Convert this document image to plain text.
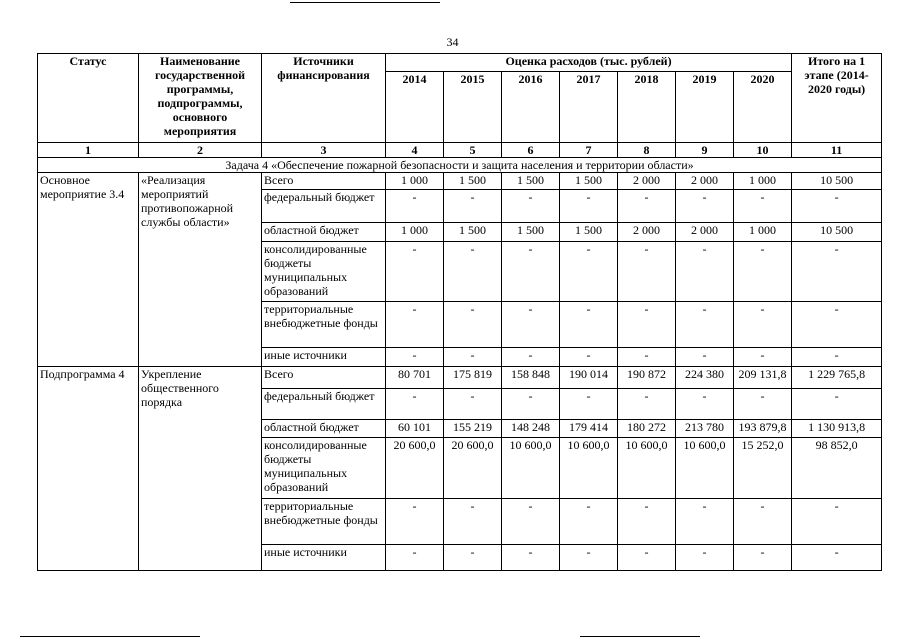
34
Статус	Наименование государственной программы, подпрограммы, основного мероприятия	Источники финансирования	Оценка расходов (тыс. рублей)							Итого на 1 этапе (2014-2020 годы)
			2014	2015	2016	2017	2018	2019	2020	
1	2	3	4	5	6	7	8	9	10	11
Задача 4 «Обеспечение пожарной безопасности и защита населения и территории области»										
Основное мероприятие 3.4	«Реализация мероприятий противопожарной службы области»	Всего	1 000	1 500	1 500	1 500	2 000	2 000	1 000	10 500
		федеральный бюджет	-	-	-	-	-	-	-	-
		областной бюджет	1 000	1 500	1 500	1 500	2 000	2 000	1 000	10 500
		консолидированные бюджеты муниципальных образований	-	-	-	-	-	-	-	-
		территориальные внебюджетные фонды	-	-	-	-	-	-	-	-
		иные источники	-	-	-	-	-	-	-	-
Подпрограмма 4	Укрепление общественного порядка	Всего	80 701	175 819	158 848	190 014	190 872	224 380	209 131,8	1 229 765,8
		федеральный бюджет	-	-	-	-	-	-	-	-
		областной бюджет	60 101	155 219	148 248	179 414	180 272	213 780	193 879,8	1 130 913,8
		консолидированные бюджеты муниципальных образований	20 600,0	20 600,0	10 600,0	10 600,0	10 600,0	10 600,0	15 252,0	98 852,0
		территориальные внебюджетные фонды	-	-	-	-	-	-	-	-
		иные источники	-	-	-	-	-	-	-	-
